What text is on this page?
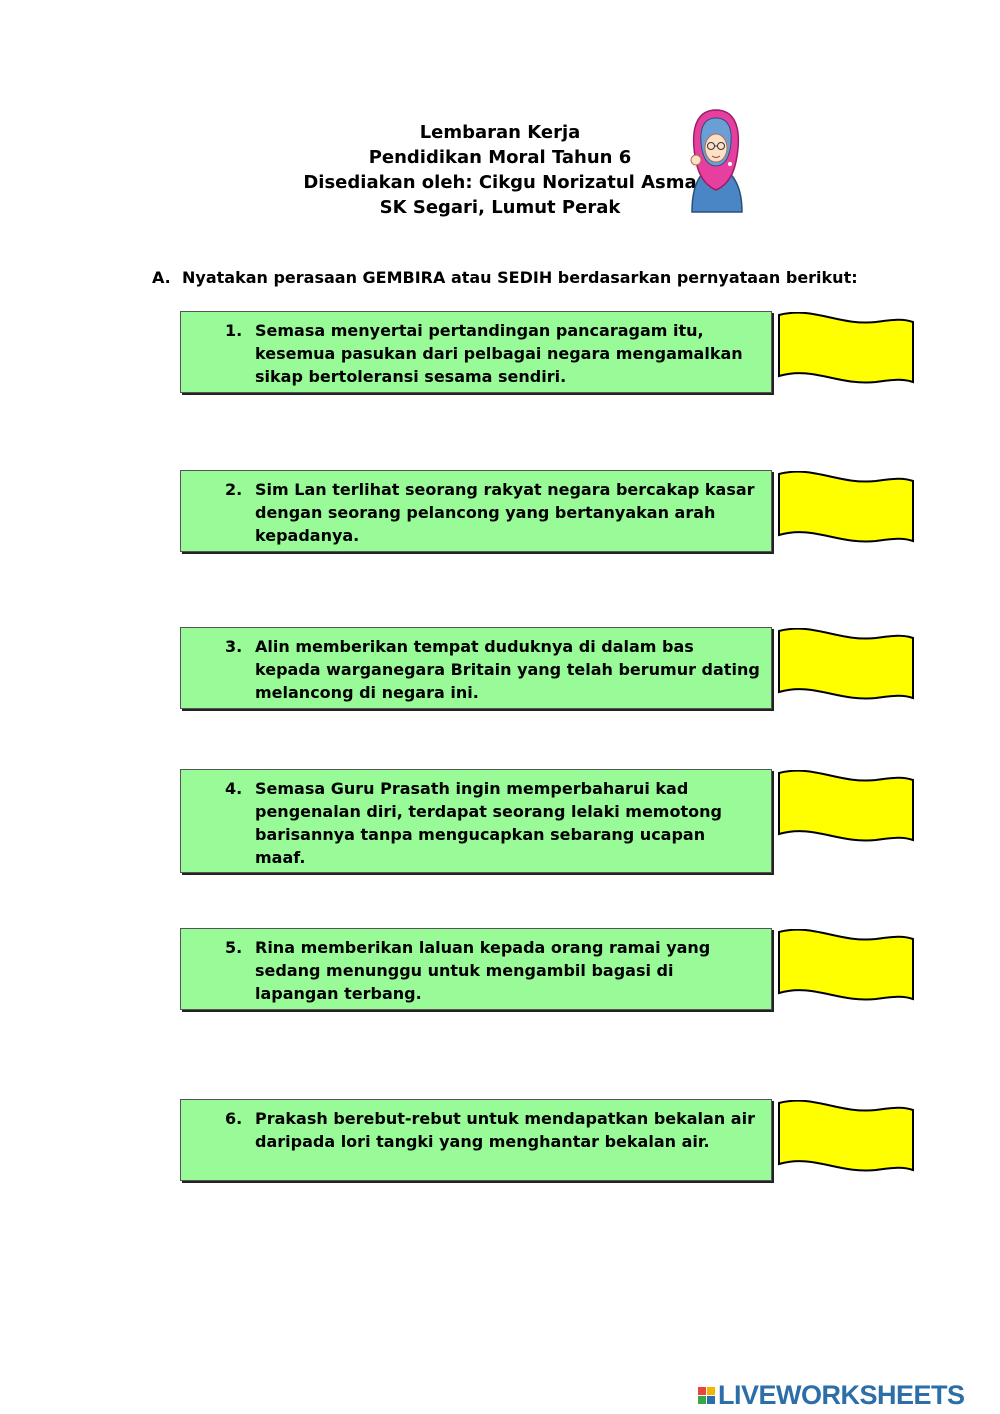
Lembaran Kerja
Pendidikan Moral Tahun 6
Disediakan oleh: Cikgu Norizatul Asma
SK Segari, Lumut Perak
A. Nyatakan perasaan GEMBIRA atau SEDIH berdasarkan pernyataan berikut:
1. Semasa menyertai pertandingan pancaragam itu, kesemua pasukan dari pelbagai negara mengamalkan sikap bertoleransi sesama sendiri.
2. Sim Lan terlihat seorang rakyat negara bercakap kasar dengan seorang pelancong yang bertanyakan arah kepadanya.
3. Alin memberikan tempat duduknya di dalam bas kepada warganegara Britain yang telah berumur dating melancong di negara ini.
4. Semasa Guru Prasath ingin memperbaharui kad pengenalan diri, terdapat seorang lelaki memotong barisannya tanpa mengucapkan sebarang ucapan maaf.
5. Rina memberikan laluan kepada orang ramai yang sedang menunggu untuk mengambil bagasi di lapangan terbang.
6. Prakash berebut-rebut untuk mendapatkan bekalan air daripada lori tangki yang menghantar bekalan air.
LIVEWORKSHEETS
